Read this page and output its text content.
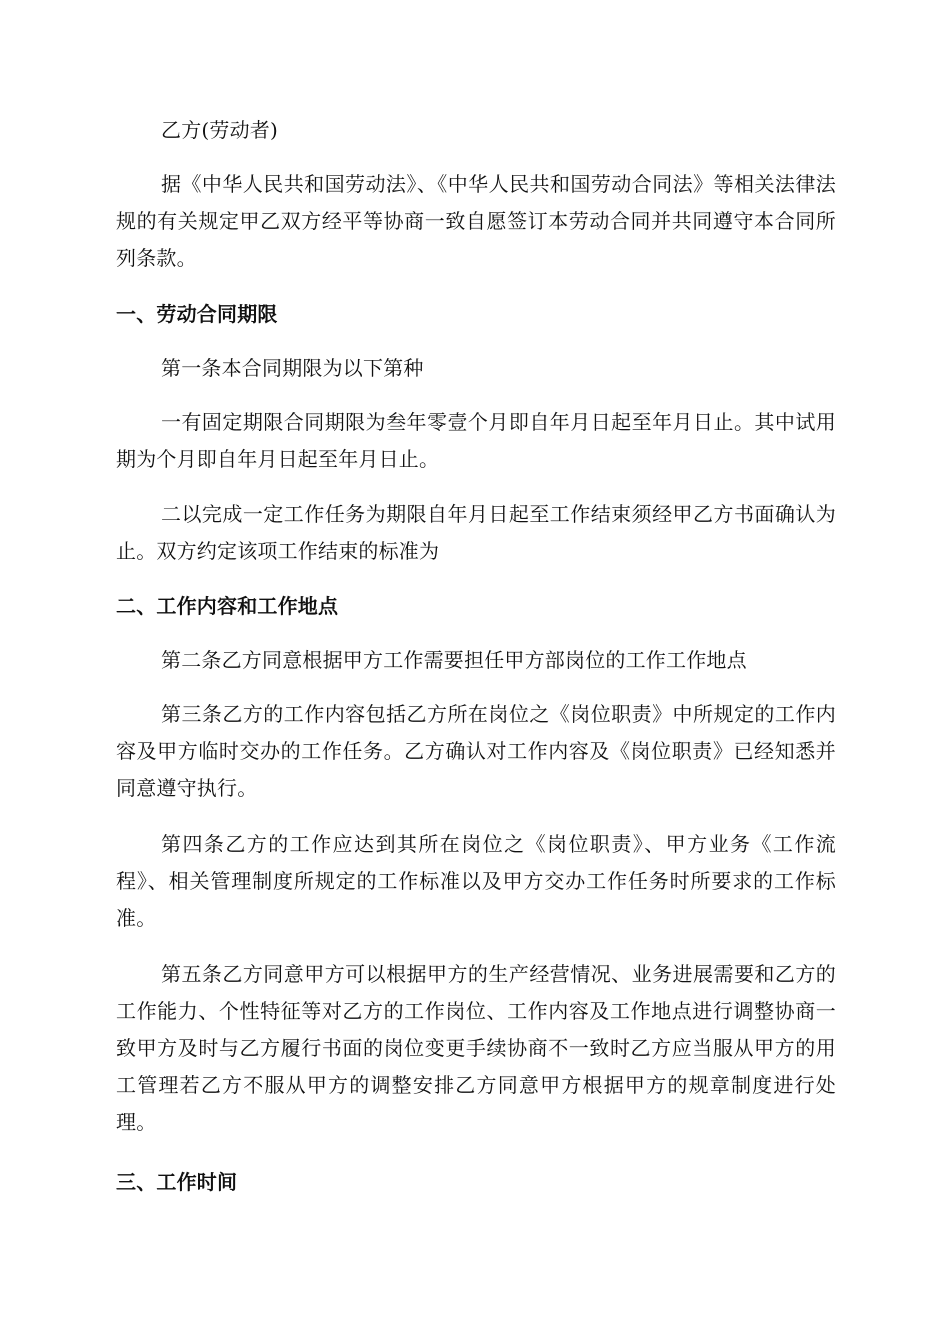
乙方(劳动者)

据《中华人民共和国劳动法》、《中华人民共和国劳动合同法》等相关法律法规的有关规定甲乙双方经平等协商一致自愿签订本劳动合同并共同遵守本合同所列条款。

一、劳动合同期限

第一条本合同期限为以下第种

一有固定期限合同期限为叁年零壹个月即自年月日起至年月日止。其中试用期为个月即自年月日起至年月日止。

二以完成一定工作任务为期限自年月日起至工作结束须经甲乙方书面确认为止。双方约定该项工作结束的标准为

二、工作内容和工作地点

第二条乙方同意根据甲方工作需要担任甲方部岗位的工作工作地点

第三条乙方的工作内容包括乙方所在岗位之《岗位职责》中所规定的工作内容及甲方临时交办的工作任务。乙方确认对工作内容及《岗位职责》已经知悉并同意遵守执行。

第四条乙方的工作应达到其所在岗位之《岗位职责》、甲方业务《工作流程》、相关管理制度所规定的工作标准以及甲方交办工作任务时所要求的工作标准。

第五条乙方同意甲方可以根据甲方的生产经营情况、业务进展需要和乙方的工作能力、个性特征等对乙方的工作岗位、工作内容及工作地点进行调整协商一致甲方及时与乙方履行书面的岗位变更手续协商不一致时乙方应当服从甲方的用工管理若乙方不服从甲方的调整安排乙方同意甲方根据甲方的规章制度进行处理。

三、工作时间
